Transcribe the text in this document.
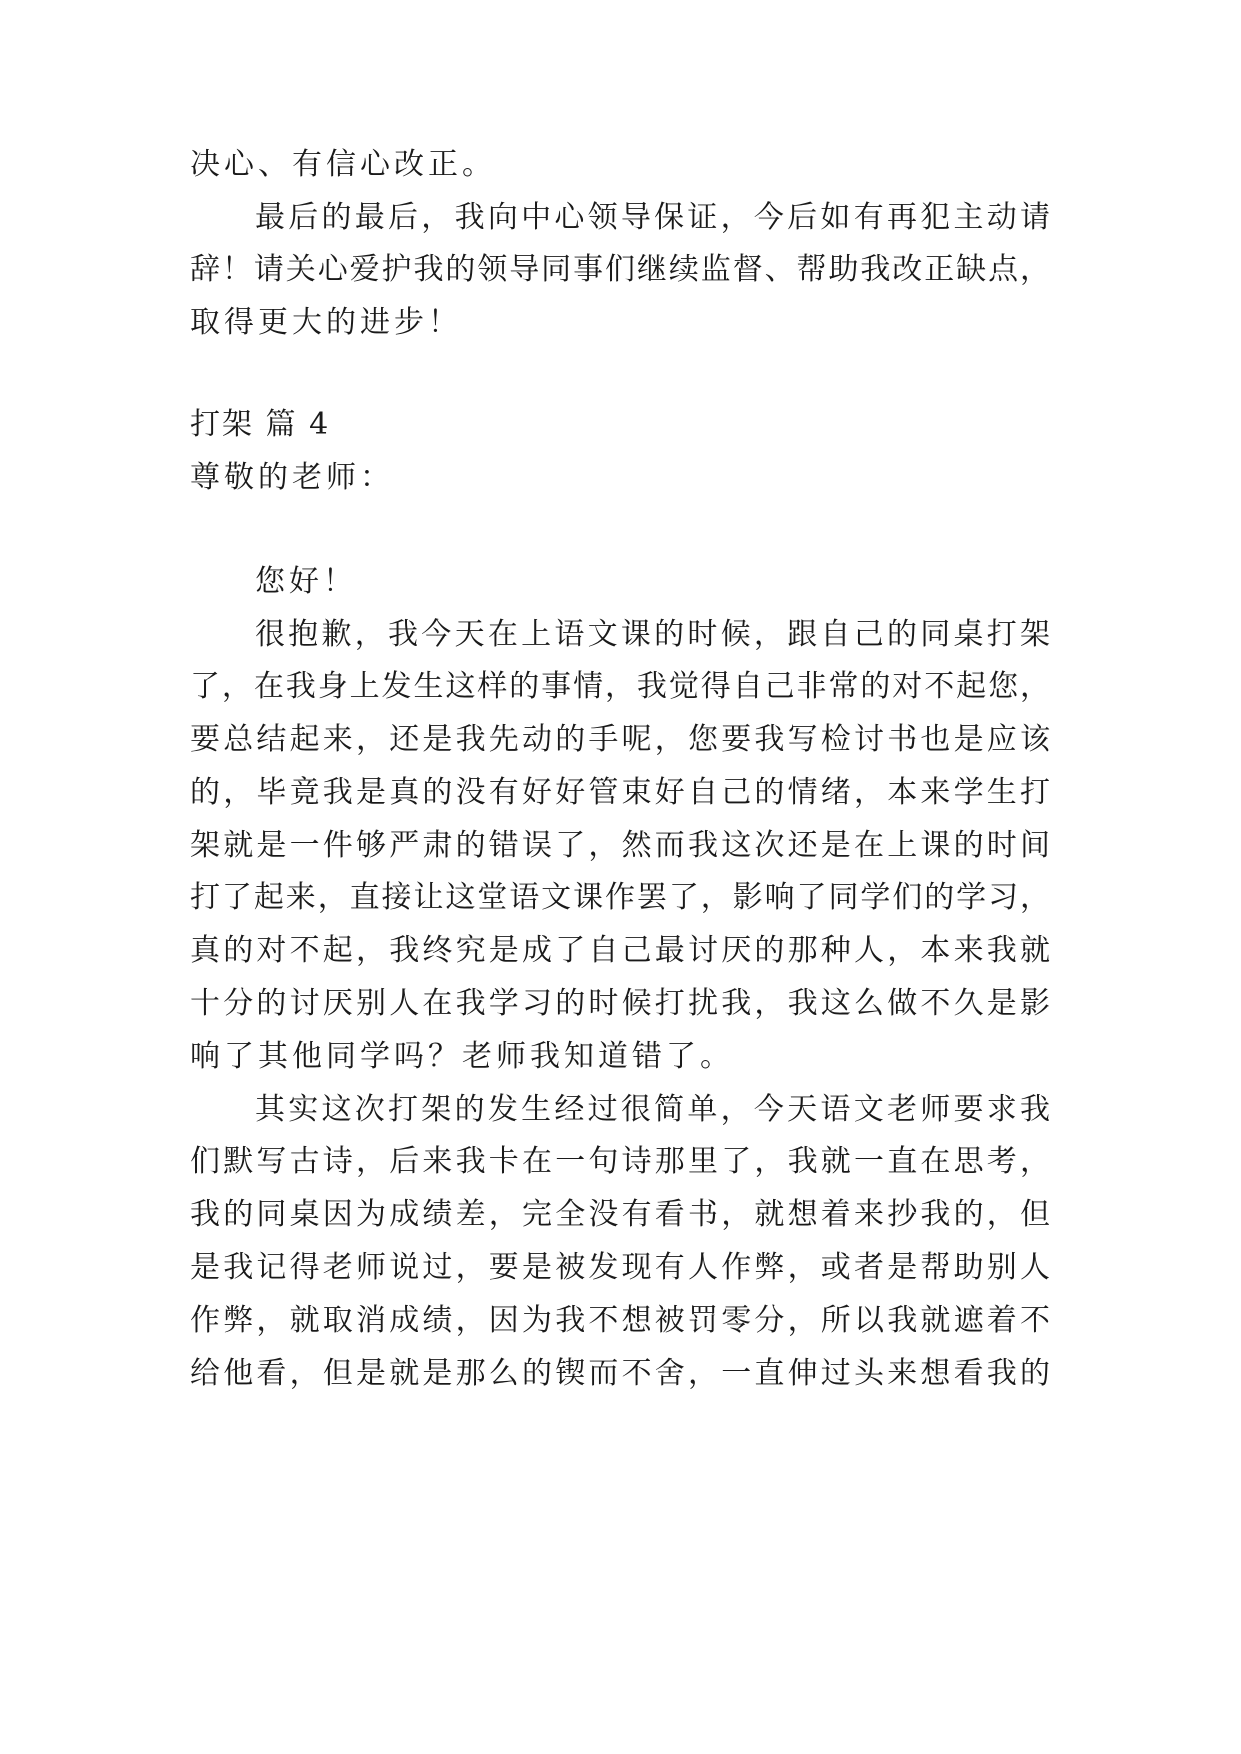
决心、有信心改正。
最后的最后，我向中心领导保证，今后如有再犯主动请
辞！请关心爱护我的领导同事们继续监督、帮助我改正缺点，
取得更大的进步！
打架 篇 4
尊敬的老师：
您好！
很抱歉，我今天在上语文课的时候，跟自己的同桌打架
了，在我身上发生这样的事情，我觉得自己非常的对不起您，
要总结起来，还是我先动的手呢，您要我写检讨书也是应该
的，毕竟我是真的没有好好管束好自己的情绪，本来学生打
架就是一件够严肃的错误了，然而我这次还是在上课的时间
打了起来，直接让这堂语文课作罢了，影响了同学们的学习，
真的对不起，我终究是成了自己最讨厌的那种人，本来我就
十分的讨厌别人在我学习的时候打扰我，我这么做不久是影
响了其他同学吗？老师我知道错了。
其实这次打架的发生经过很简单，今天语文老师要求我
们默写古诗，后来我卡在一句诗那里了，我就一直在思考，
我的同桌因为成绩差，完全没有看书，就想着来抄我的，但
是我记得老师说过，要是被发现有人作弊，或者是帮助别人
作弊，就取消成绩，因为我不想被罚零分，所以我就遮着不
给他看，但是就是那么的锲而不舍，一直伸过头来想看我的
